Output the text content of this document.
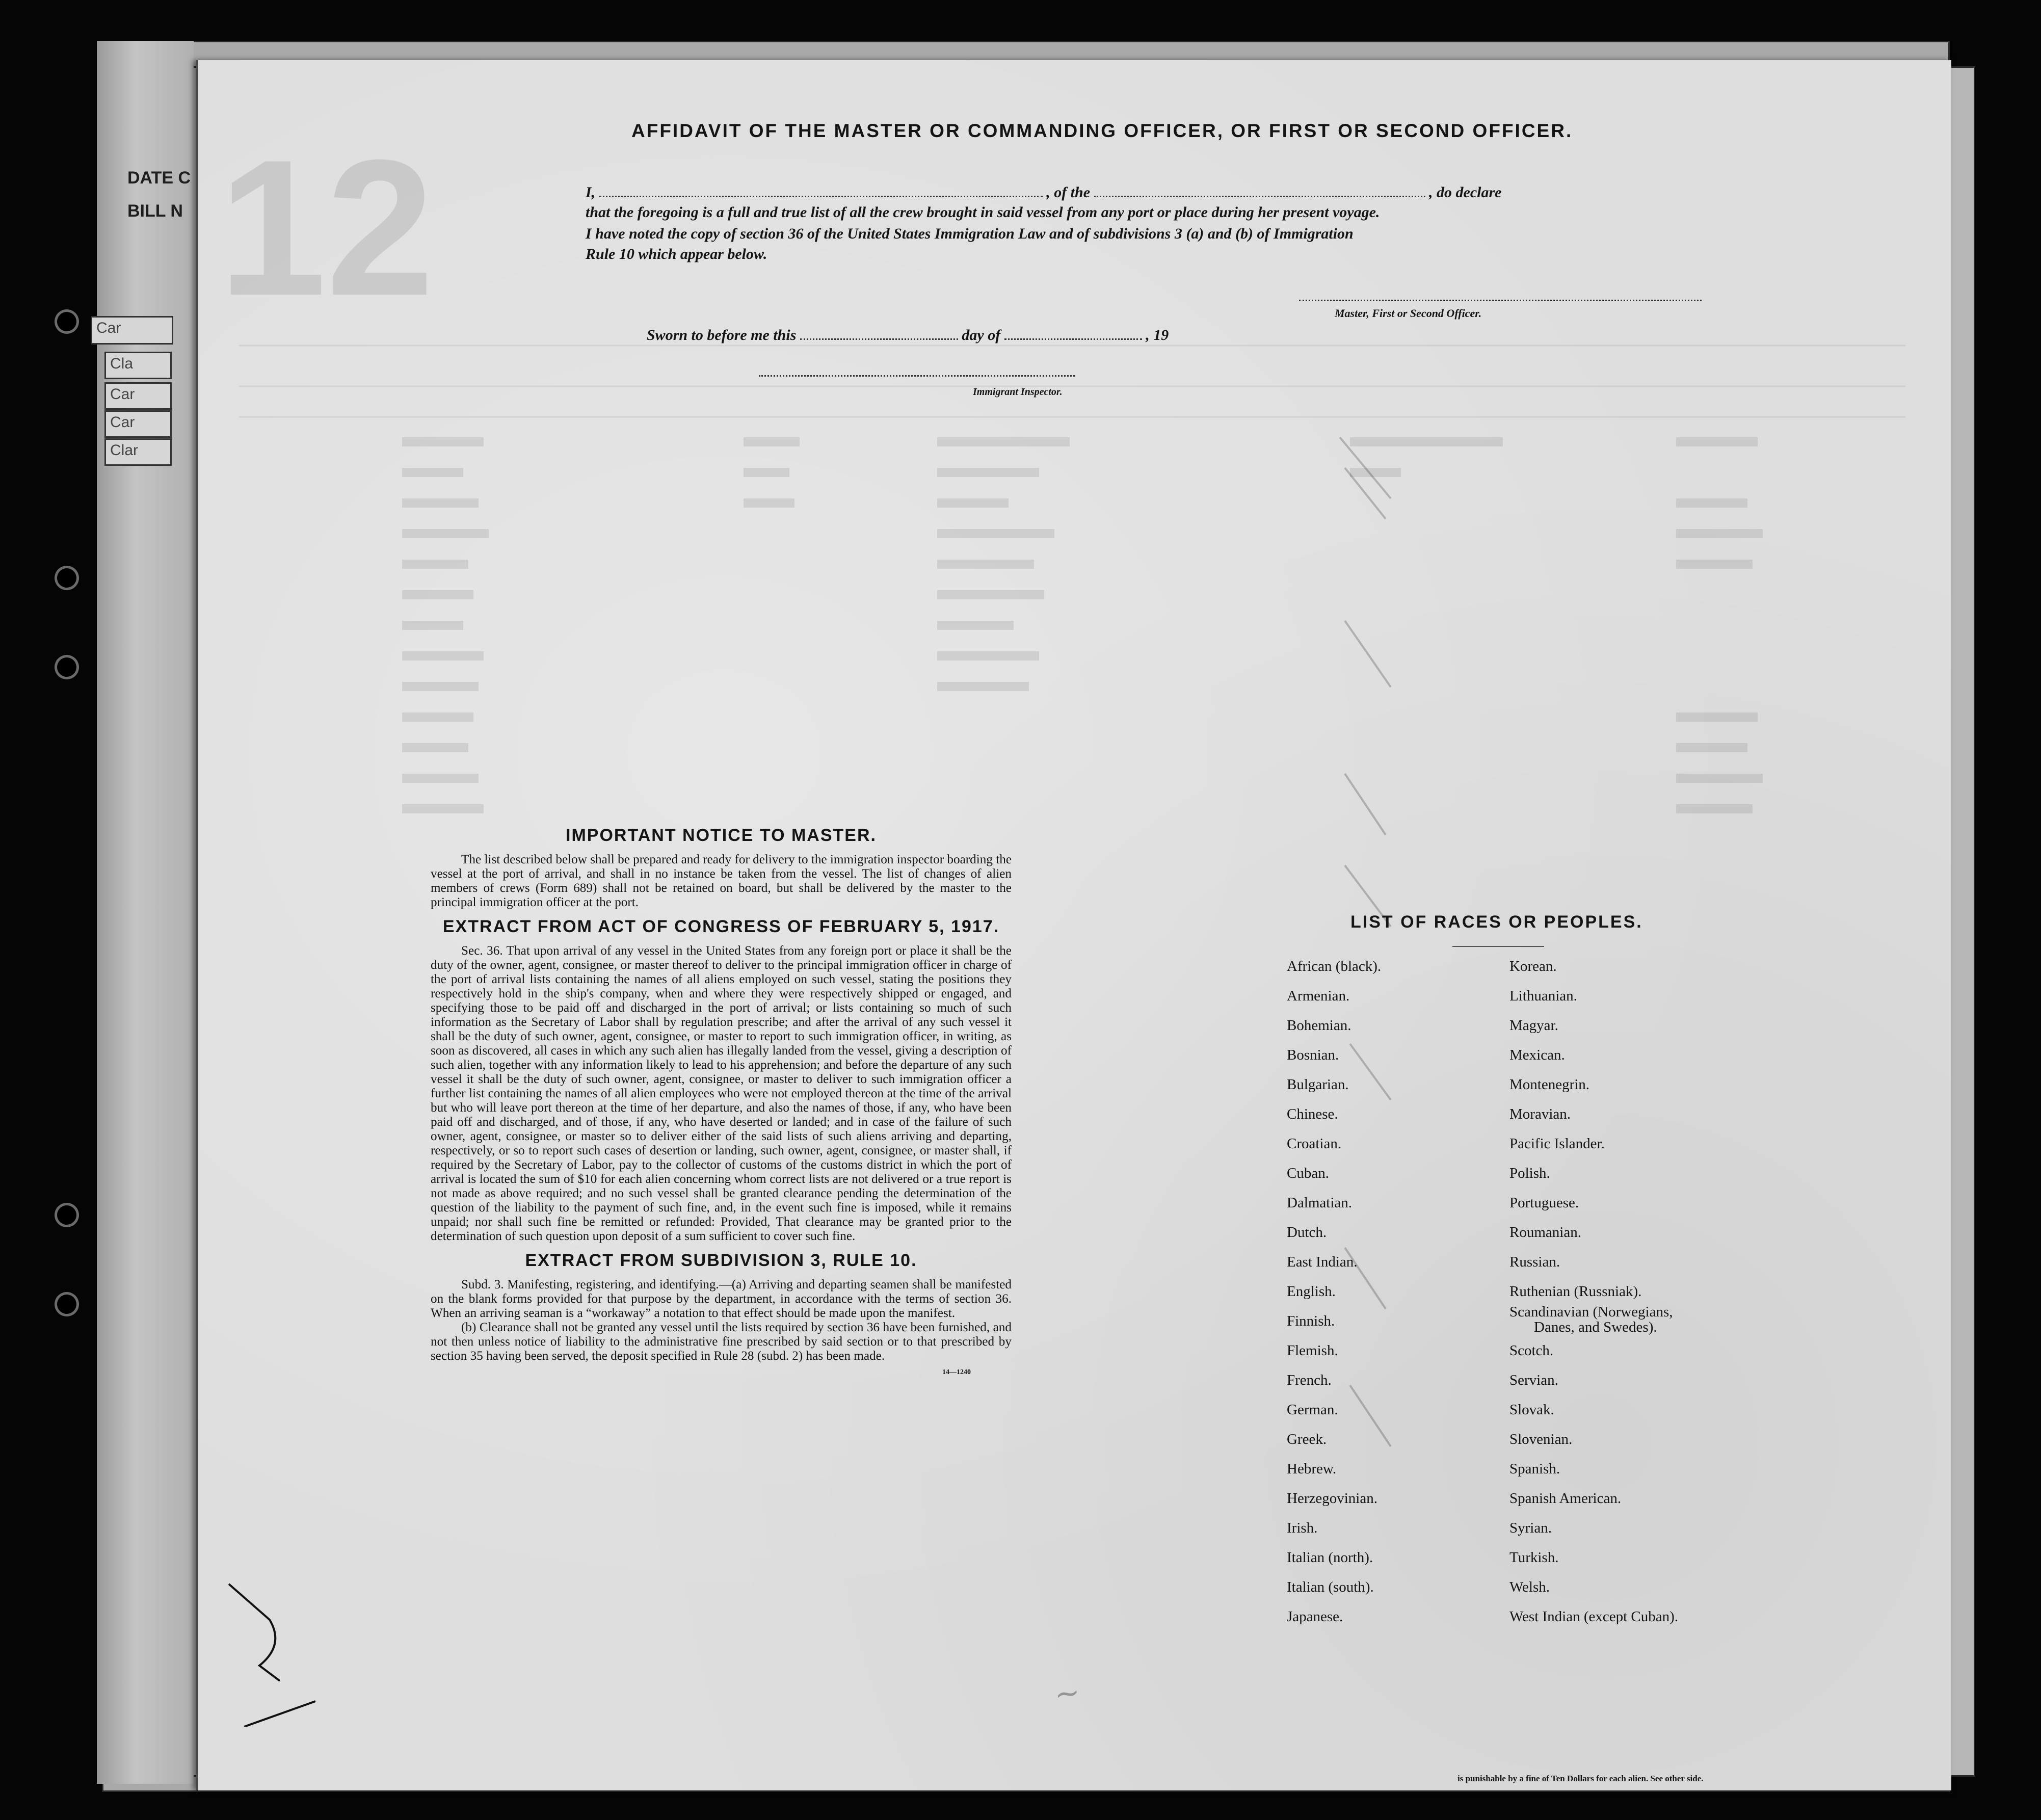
DATE C
BILL N
Car
Cla
Car
Car
Clar
12	AFFIDAVIT OF THE MASTER OR COMMANDING OFFICER, OR FIRST OR SECOND OFFICER.
I,	, of the	, do declare
that the foregoing is a full and true list of all the crew brought in said vessel from any port or place during her present voyage.
I have noted the copy of section 36 of the United States Immigration Law and of subdivisions 3 (a) and (b) of Immigration
Rule 10 which appear below.
Master, First or Second Officer.
Sworn to before me this	day of	, 19
Immigrant Inspector.
~
IMPORTANT NOTICE TO MASTER.

The list described below shall be prepared and ready for delivery to the immigration inspector boarding the vessel at the port of arrival, and shall in no instance be taken from the vessel. The list of changes of alien members of crews (Form 689) shall not be retained on board, but shall be delivered by the master to the principal immigration officer at the port.

EXTRACT FROM ACT OF CONGRESS OF FEBRUARY 5, 1917.

Sec. 36. That upon arrival of any vessel in the United States from any foreign port or place it shall be the duty of the owner, agent, consignee, or master thereof to deliver to the principal immigration officer in charge of the port of arrival lists containing the names of all aliens employed on such vessel, stating the positions they respectively hold in the ship's company, when and where they were respectively shipped or engaged, and specifying those to be paid off and discharged in the port of arrival; or lists containing so much of such information as the Secretary of Labor shall by regulation prescribe; and after the arrival of any such vessel it shall be the duty of such owner, agent, consignee, or master to report to such immigration officer, in writing, as soon as discovered, all cases in which any such alien has illegally landed from the vessel, giving a description of such alien, together with any information likely to lead to his apprehension; and before the departure of any such vessel it shall be the duty of such owner, agent, consignee, or master to deliver to such immigration officer a further list containing the names of all alien employees who were not employed thereon at the time of the arrival but who will leave port thereon at the time of her departure, and also the names of those, if any, who have been paid off and discharged, and of those, if any, who have deserted or landed; and in case of the failure of such owner, agent, consignee, or master so to deliver either of the said lists of such aliens arriving and departing, respectively, or so to report such cases of desertion or landing, such owner, agent, consignee, or master shall, if required by the Secretary of Labor, pay to the collector of customs of the customs district in which the port of arrival is located the sum of $10 for each alien concerning whom correct lists are not delivered or a true report is not made as above required; and no such vessel shall be granted clearance pending the determination of the question of the liability to the payment of such fine, and, in the event such fine is imposed, while it remains unpaid; nor shall such fine be remitted or refunded: Provided, That clearance may be granted prior to the determination of such question upon deposit of a sum sufficient to cover such fine.

EXTRACT FROM SUBDIVISION 3, RULE 10.

Subd. 3. Manifesting, registering, and identifying.—(a) Arriving and departing seamen shall be manifested on the blank forms provided for that purpose by the department, in accordance with the terms of section 36. When an arriving seaman is a “workaway” a notation to that effect should be made upon the manifest.

(b) Clearance shall not be granted any vessel until the lists required by section 36 have been furnished, and not then unless notice of liability to the administrative fine prescribed by said section or to that prescribed by section 35 having been served, the deposit specified in Rule 28 (subd. 2) has been made.

14—1240
LIST OF RACES OR PEOPLES.
African (black).
Armenian.
Bohemian.
Bosnian.
Bulgarian.
Chinese.
Croatian.
Cuban.
Dalmatian.
Dutch.
East Indian.
English.
Finnish.
Flemish.
French.
German.
Greek.
Hebrew.
Herzegovinian.
Irish.
Italian (north).
Italian (south).
Japanese.
Korean.
Lithuanian.
Magyar.
Mexican.
Montenegrin.
Moravian.
Pacific Islander.
Polish.
Portuguese.
Roumanian.
Russian.
Ruthenian (Russniak).
Scandinavian (Norwegians,
Danes, and Swedes).
Scotch.
Servian.
Slovak.
Slovenian.
Spanish.
Spanish American.
Syrian.
Turkish.
Welsh.
West Indian (except Cuban).
is punishable by a fine of Ten Dollars for each alien. See other side.
